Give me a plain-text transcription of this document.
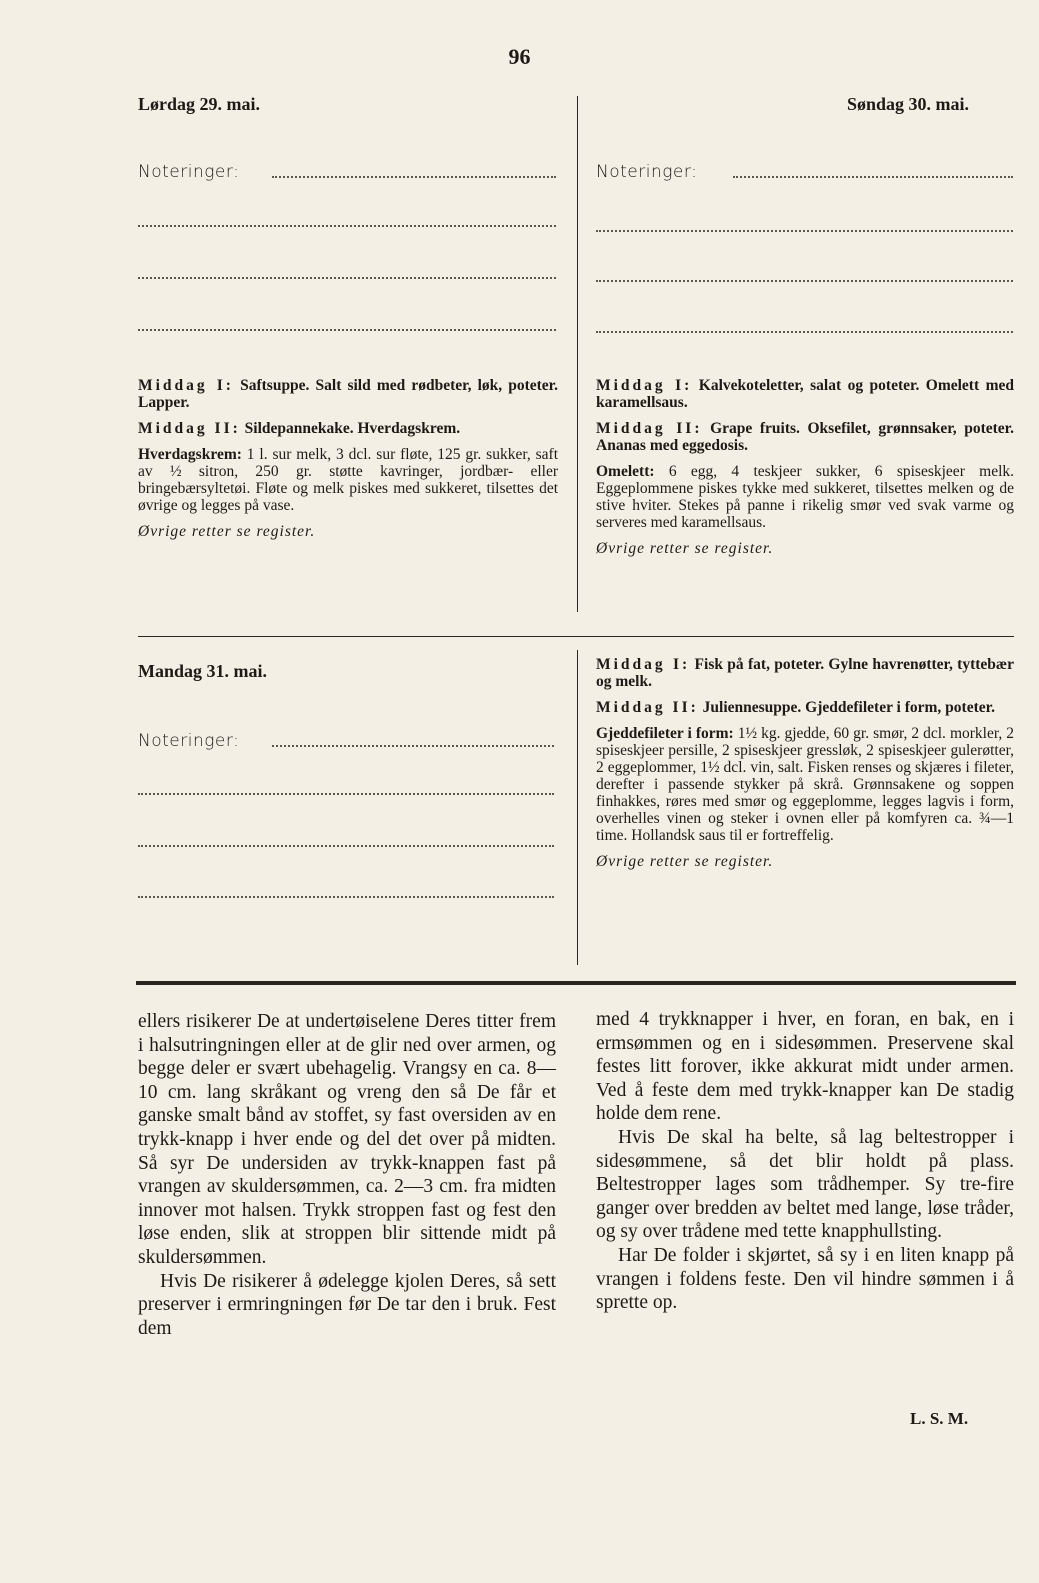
96
Lørdag 29. mai.
Noteringer:

Middag I: Saftsuppe. Salt sild med rødbeter, løk, poteter. Lapper.

Middag II: Sildepannekake. Hverdagskrem.

Hverdagskrem: 1 l. sur melk, 3 dcl. sur fløte, 125 gr. sukker, saft av ½ sitron, 250 gr. støtte kavringer, jordbær- eller bringebærsyltetøi. Fløte og melk piskes med sukkeret, tilsettes det øvrige og legges på vase.

Øvrige retter se register.

Søndag 30. mai.
Noteringer:

Middag I: Kalvekoteletter, salat og poteter. Omelett med karamellsaus.

Middag II: Grape fruits. Oksefilet, grønnsaker, poteter. Ananas med eggedosis.

Omelett: 6 egg, 4 teskjeer sukker, 6 spiseskjeer melk. Eggeplommene piskes tykke med sukkeret, tilsettes melken og de stive hviter. Stekes på panne i rikelig smør ved svak varme og serveres med karamellsaus.

Øvrige retter se register.

Mandag 31. mai.
Noteringer:

Middag I: Fisk på fat, poteter. Gylne havrenøtter, tyttebær og melk.

Middag II: Juliennesuppe. Gjeddefileter i form, poteter.

Gjeddefileter i form: 1½ kg. gjedde, 60 gr. smør, 2 dcl. morkler, 2 spiseskjeer persille, 2 spiseskjeer gressløk, 2 spiseskjeer gulerøtter, 2 eggeplommer, 1½ dcl. vin, salt. Fisken renses og skjæres i fileter, derefter i passende stykker på skrå. Grønnsakene og soppen finhakkes, røres med smør og eggeplomme, legges lagvis i form, overhelles vinen og steker i ovnen eller på komfyren ca. ¾—1 time. Hollandsk saus til er fortreffelig.

Øvrige retter se register.

ellers risikerer De at undertøiselene Deres titter frem i halsutringningen eller at de glir ned over armen, og begge deler er svært ubehagelig. Vrangsy en ca. 8—10 cm. lang skråkant og vreng den så De får et ganske smalt bånd av stoffet, sy fast oversiden av en trykk-knapp i hver ende og del det over på midten. Så syr De undersiden av trykk-knappen fast på vrangen av skuldersømmen, ca. 2—3 cm. fra midten innover mot halsen. Trykk stroppen fast og fest den løse enden, slik at stroppen blir sittende midt på skuldersømmen.

Hvis De risikerer å ødelegge kjolen Deres, så sett preserver i ermringningen før De tar den i bruk. Fest dem

med 4 trykknapper i hver, en foran, en bak, en i ermsømmen og en i sidesømmen. Preservene skal festes litt forover, ikke akkurat midt under armen. Ved å feste dem med trykk-knapper kan De stadig holde dem rene.

Hvis De skal ha belte, så lag beltestropper i sidesømmene, så det blir holdt på plass. Beltestropper lages som trådhemper. Sy tre-fire ganger over bredden av beltet med lange, løse tråder, og sy over trådene med tette knapphullsting.

Har De folder i skjørtet, så sy i en liten knapp på vrangen i foldens feste. Den vil hindre sømmen i å sprette op.

L. S. M.
